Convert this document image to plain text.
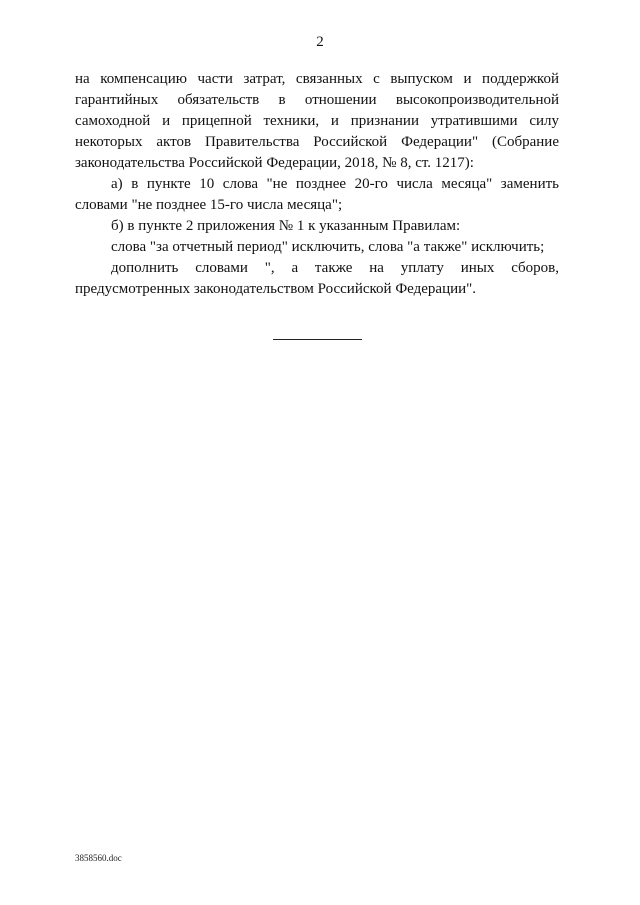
2

на компенсацию части затрат, связанных с выпуском и поддержкой гарантийных обязательств в отношении высокопроизводительной самоходной и прицепной техники, и признании утратившими силу некоторых актов Правительства Российской Федерации" (Собрание законодательства Российской Федерации, 2018, № 8, ст. 1217):

а) в пункте 10 слова "не позднее 20-го числа месяца" заменить словами "не позднее 15-го числа месяца";

б) в пункте 2 приложения № 1 к указанным Правилам:

слова "за отчетный период" исключить, слова "а также" исключить;

дополнить словами ", а также на уплату иных сборов, предусмотренных законодательством Российской Федерации".

3858560.doc
